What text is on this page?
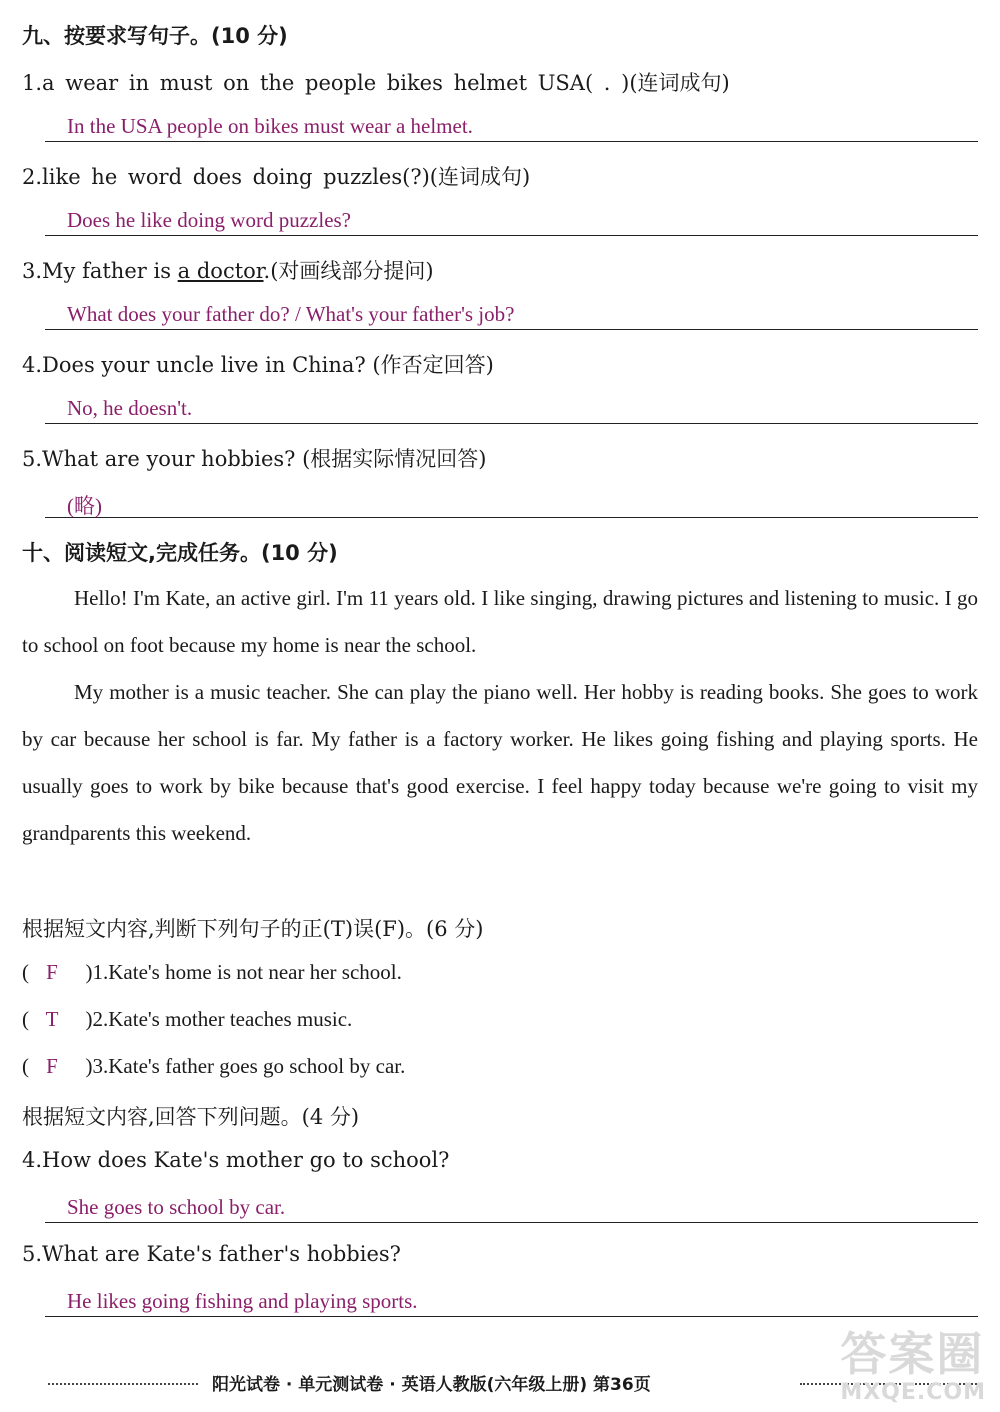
九、按要求写句子。(10 分)
1.a wear in must on the people bikes helmet USA( . )(连词成句)
In the USA people on bikes must wear a helmet.
2.like he word does doing puzzles(?)(连词成句)
Does he like doing word puzzles?
3.My father is a doctor.(对画线部分提问)
What does your father do? / What's your father's job?
4.Does your uncle live in China? (作否定回答)
No, he doesn't.
5.What are your hobbies? (根据实际情况回答)
(略)
十、阅读短文,完成任务。(10 分)
Hello! I'm Kate, an active girl. I'm 11 years old. I like singing, drawing pictures and listening to music. I go to school on foot because my home is near the school.
My mother is a music teacher. She can play the piano well. Her hobby is reading books. She goes to work by car because her school is far. My father is a factory worker. He likes going fishing and playing sports. He usually goes to work by bike because that's good exercise. I feel happy today because we're going to visit my grandparents this weekend.
根据短文内容,判断下列句子的正(T)误(F)。(6 分)
( F )1.Kate's home is not near her school.
( T )2.Kate's mother teaches music.
( F )3.Kate's father goes go school by car.
根据短文内容,回答下列问题。(4 分)
4.How does Kate's mother go to school?
She goes to school by car.
5.What are Kate's father's hobbies?
He likes going fishing and playing sports.
阳光试卷 · 单元测试卷 · 英语人教版(六年级上册) 第36页
答案圈
MXQE.COM
